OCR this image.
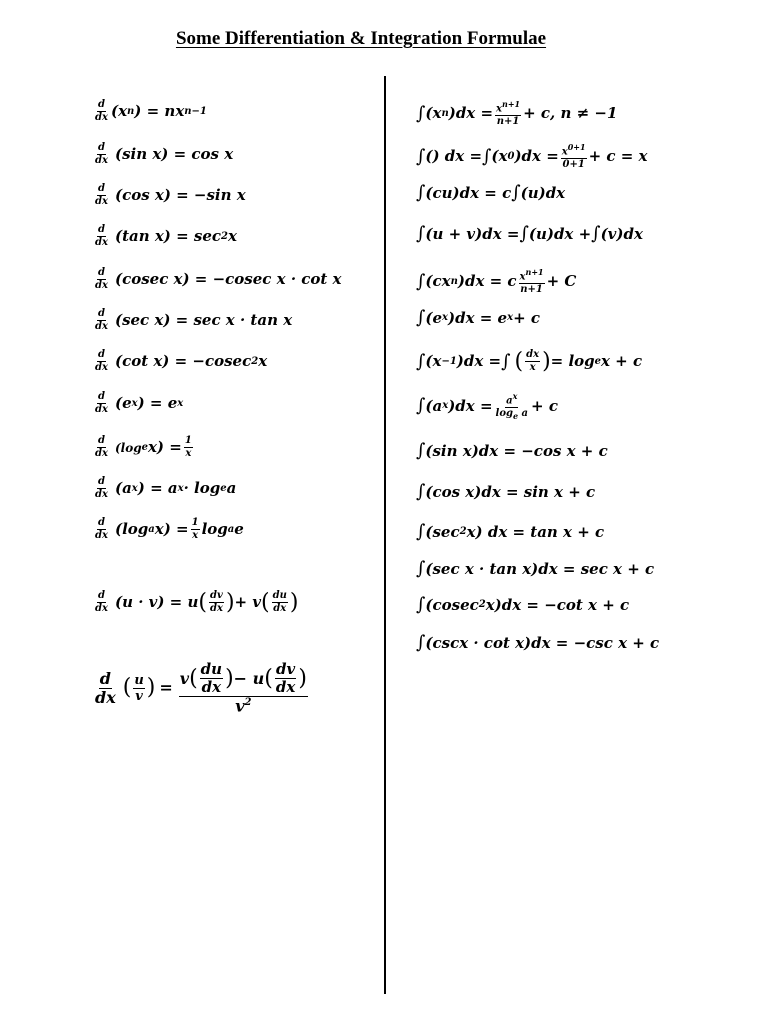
Some Differentiation & Integration Formulae
$\frac{d}{dx} (x$ n ) = nx n−1
$\frac{d}{dx} (\sin$ x) = cos x
$\frac{d}{dx} (\cos$ x) = −sin x
$\frac{d}{dx} (\tan$ x) = sec 2 x
$\frac{d}{dx} (cosec$ x) = −cosec x · cot x
$\frac{d}{dx} (\sec$ x) = sec x · tan x
$\frac{d}{dx} (\cot$ x) = −cosec 2 x
$\frac{d}{dx} (e$ x ) = e x
$\frac{d}{dx} (\log$ e $x) = \frac{1}{x}$
$\frac{d}{dx} (a$ x ) = a x · log e a
$\frac{d}{dx} (\log$ a $x) = \frac{1}{x}$ log a e
$\frac{d}{dx} (u \cdot v) = u$ ( $\frac{dv}{dx}$ ) + v ( $\frac{du}{dx}$ )
$\frac{d}{dx}$ ( $\frac{u}{v}$ ) = $\frac{v ( \frac{du}{dx} ) - u ( \frac{dv}{dx} )}{v^2}$
∫ (x n )$dx = \frac{x^{n+1}}{n+1} + c$, n ≠ −1
∫ () dx = ∫ (x 0 )$dx = \frac{x^{0+1}}{0+1} + c = x$
∫ (cu)dx = c ∫ (u)dx
∫ (u + v)dx = ∫ (u)dx + ∫ (v)dx
∫ (cx n )dx = c $\frac{x^{n+1}}{n+1} + C$
∫ (e x )dx = e x + c
∫ (x −1 )dx = ∫ ( $\frac{dx}{x}$ ) = log e x + c
∫ (a x )$dx = \frac{a^x}{\log_e a} + c$
∫ (sin x)dx = −cos x + c
∫ (cos x)dx = sin x + c
∫ (sec 2 x) dx = tan x + c
∫ (sec x · tan x)dx = sec x + c
∫ (cosec 2 x)dx = −cot x + c
∫ (cscx · cot x)dx = −csc x + c
